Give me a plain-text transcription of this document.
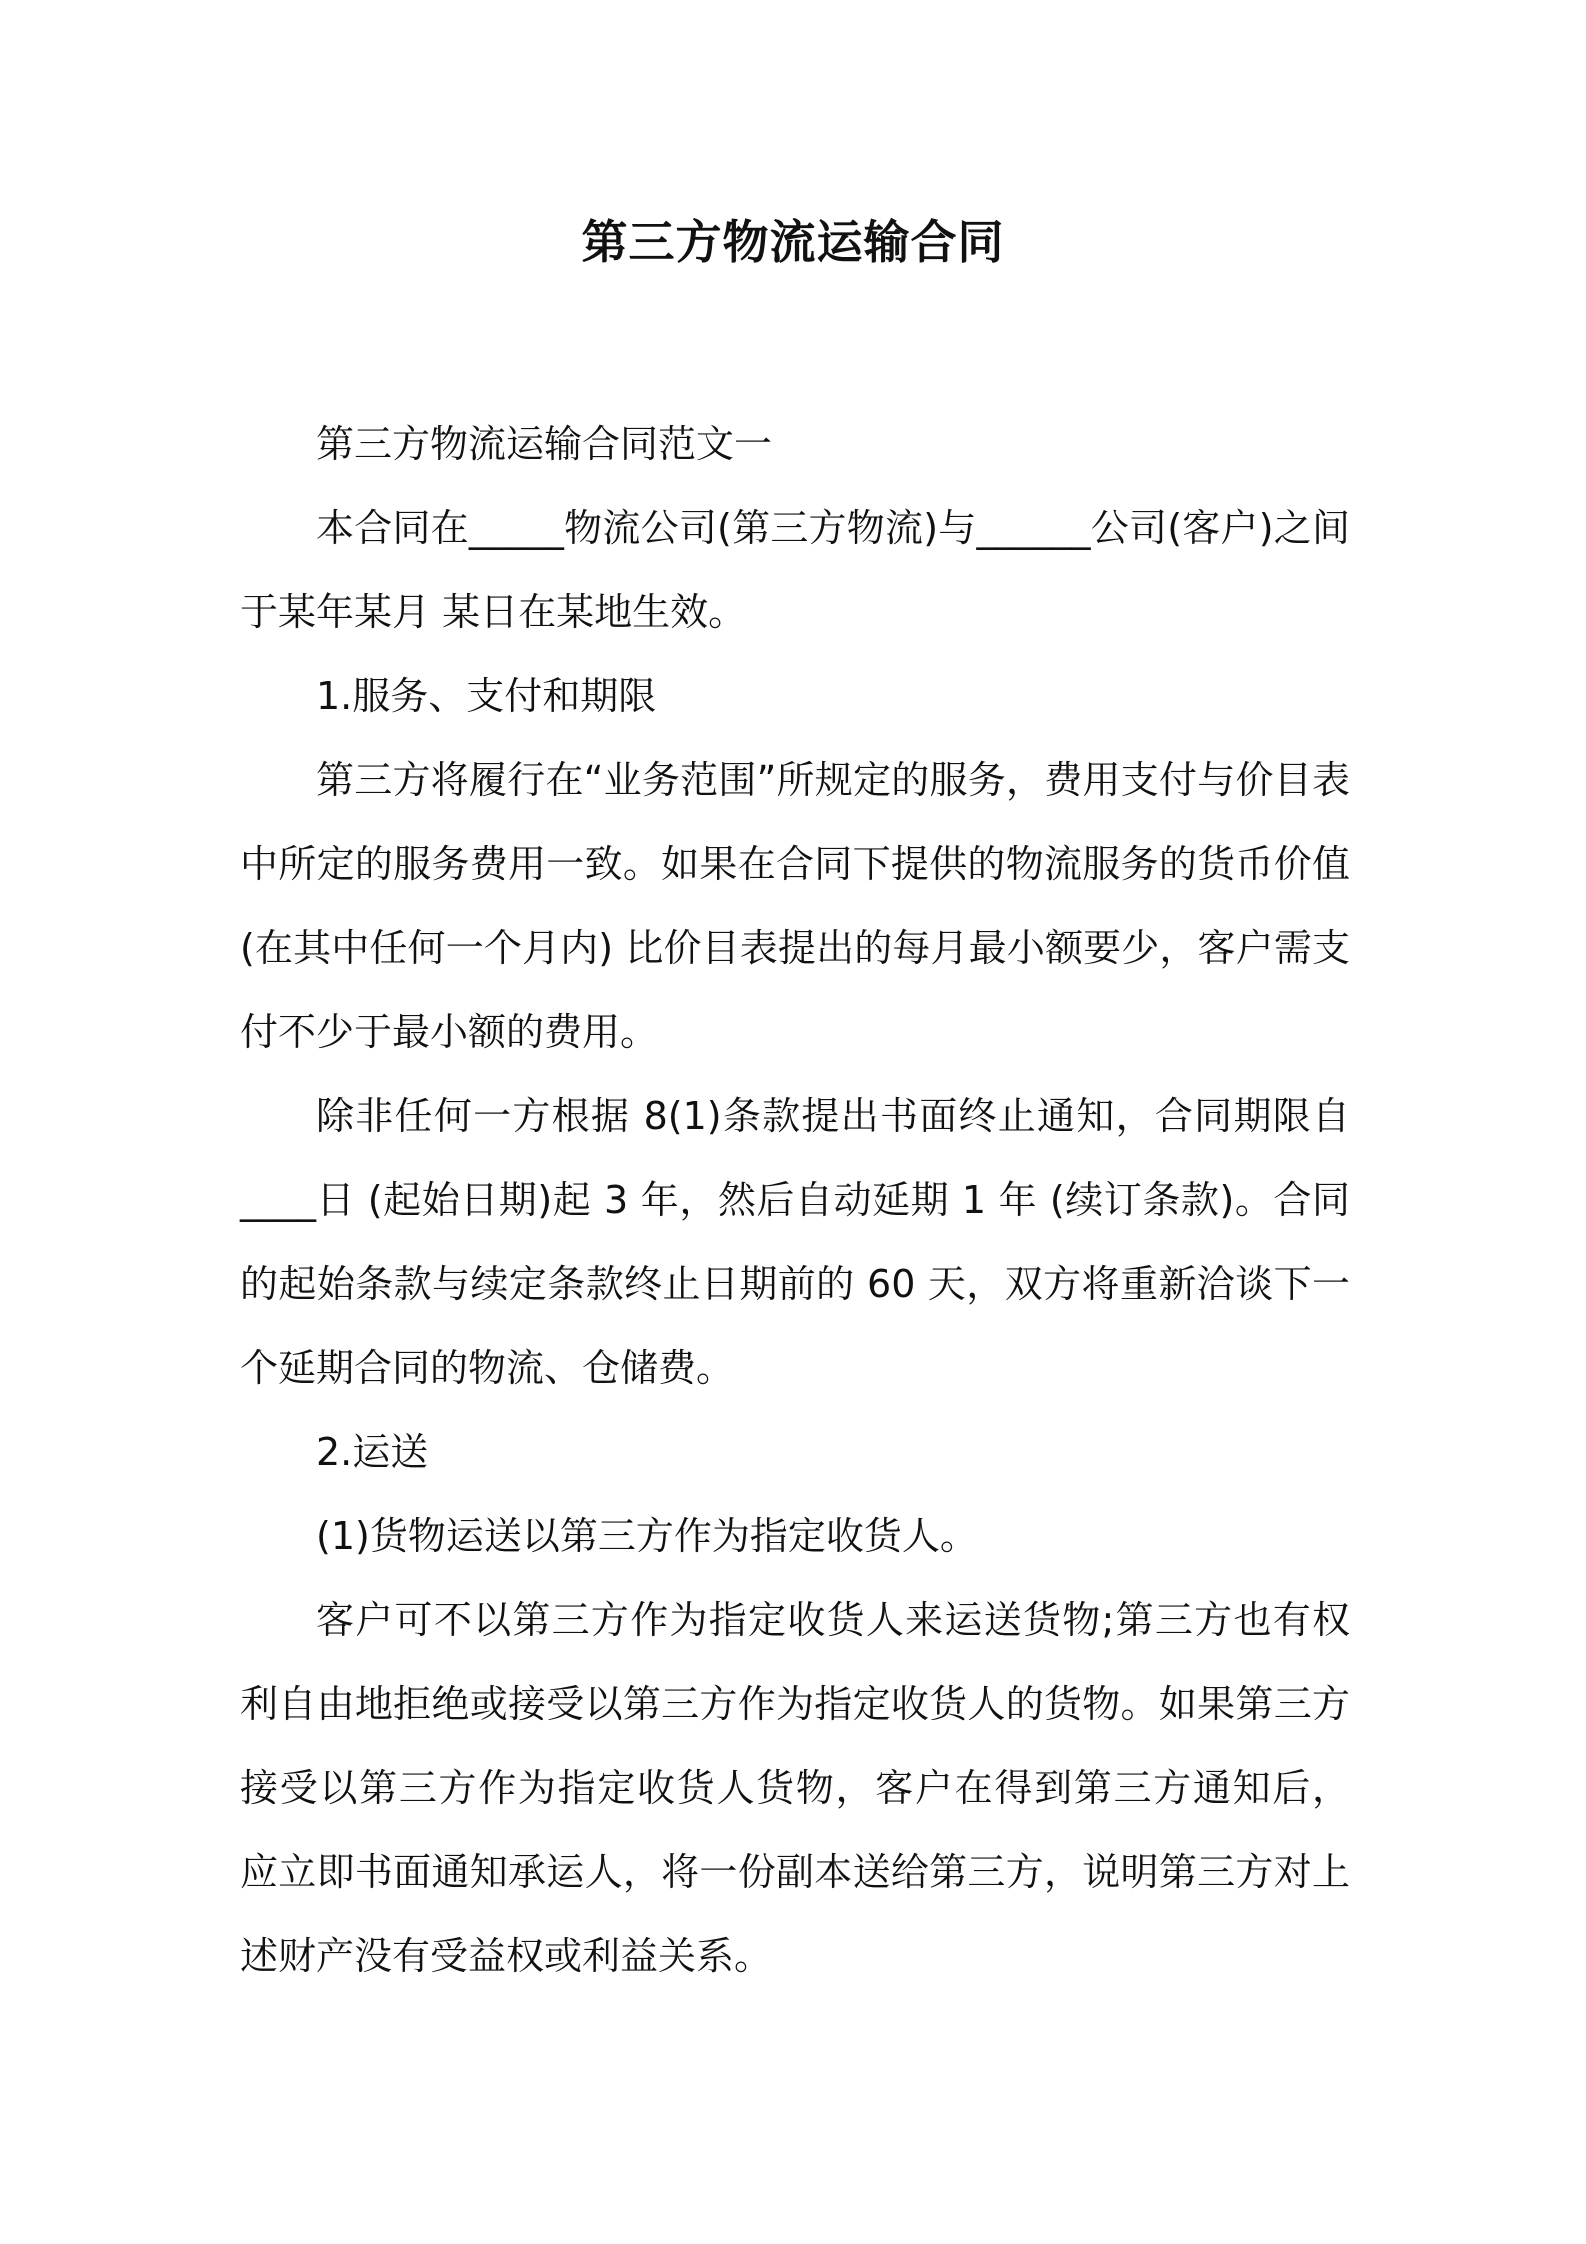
第三方物流运输合同

第三方物流运输合同范文一

本合同在_____物流公司(第三方物流)与______公司(客户)之间于某年某月 某日在某地生效。

1.服务、支付和期限

第三方将履行在“业务范围”所规定的服务，费用支付与价目表中所定的服务费用一致。如果在合同下提供的物流服务的货币价值(在其中任何一个月内) 比价目表提出的每月最小额要少，客户需支付不少于最小额的费用。

除非任何一方根据 8(1)条款提出书面终止通知，合同期限自____日 (起始日期)起 3 年，然后自动延期 1 年 (续订条款)。合同的起始条款与续定条款终止日期前的 60 天，双方将重新洽谈下一个延期合同的物流、仓储费。

2.运送

(1)货物运送以第三方作为指定收货人。

客户可不以第三方作为指定收货人来运送货物;第三方也有权利自由地拒绝或接受以第三方作为指定收货人的货物。如果第三方接受以第三方作为指定收货人货物，客户在得到第三方通知后， 应立即书面通知承运人，将一份副本送给第三方，说明第三方对上述财产没有受益权或利益关系。
